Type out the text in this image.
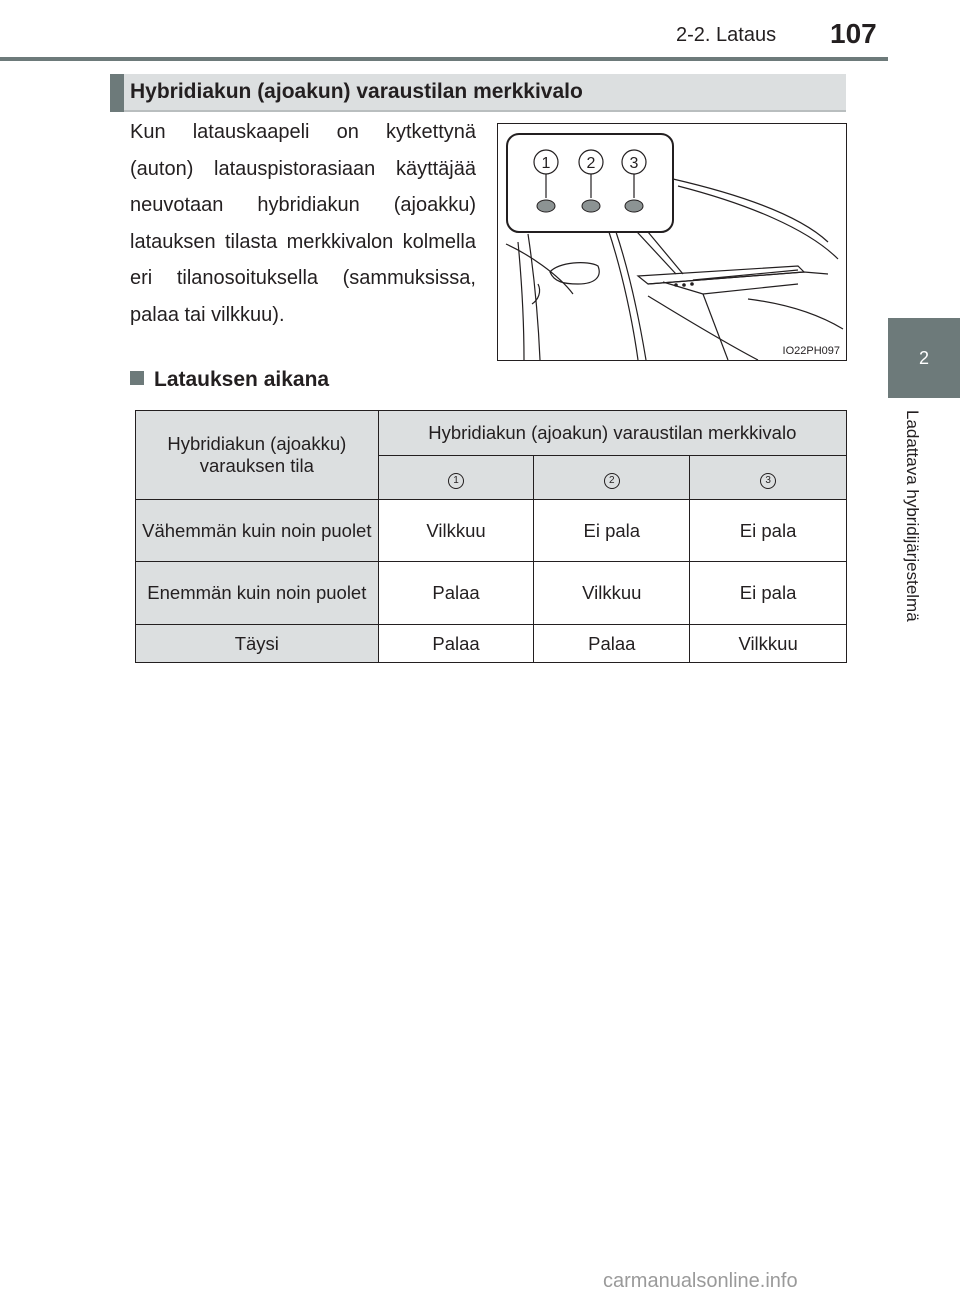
2-2. Lataus 107
2
Ladattava hybridijärjestelmä
Hybridiakun (ajoakun) varaustilan merkkivalo
Kun latauskaapeli on kytkettynä (auton) latauspistorasiaan käyttäjää neuvotaan hybridiakun (ajoakku) latauksen tilasta merkkivalon kolmella eri tilanosoituksella (sammuksissa, palaa tai vilkkuu).
1 2 3
IO22PH097
Latauksen aikana
Hybridiakun (ajoakku) varauksen tila	Hybridiakun (ajoakun) varaustilan merkkivalo		
	1	2	3
Vähemmän kuin noin puolet	Vilkkuu	Ei pala	Ei pala
Enemmän kuin noin puolet	Palaa	Vilkkuu	Ei pala
Täysi	Palaa	Palaa	Vilkkuu
carmanualsonline.info
